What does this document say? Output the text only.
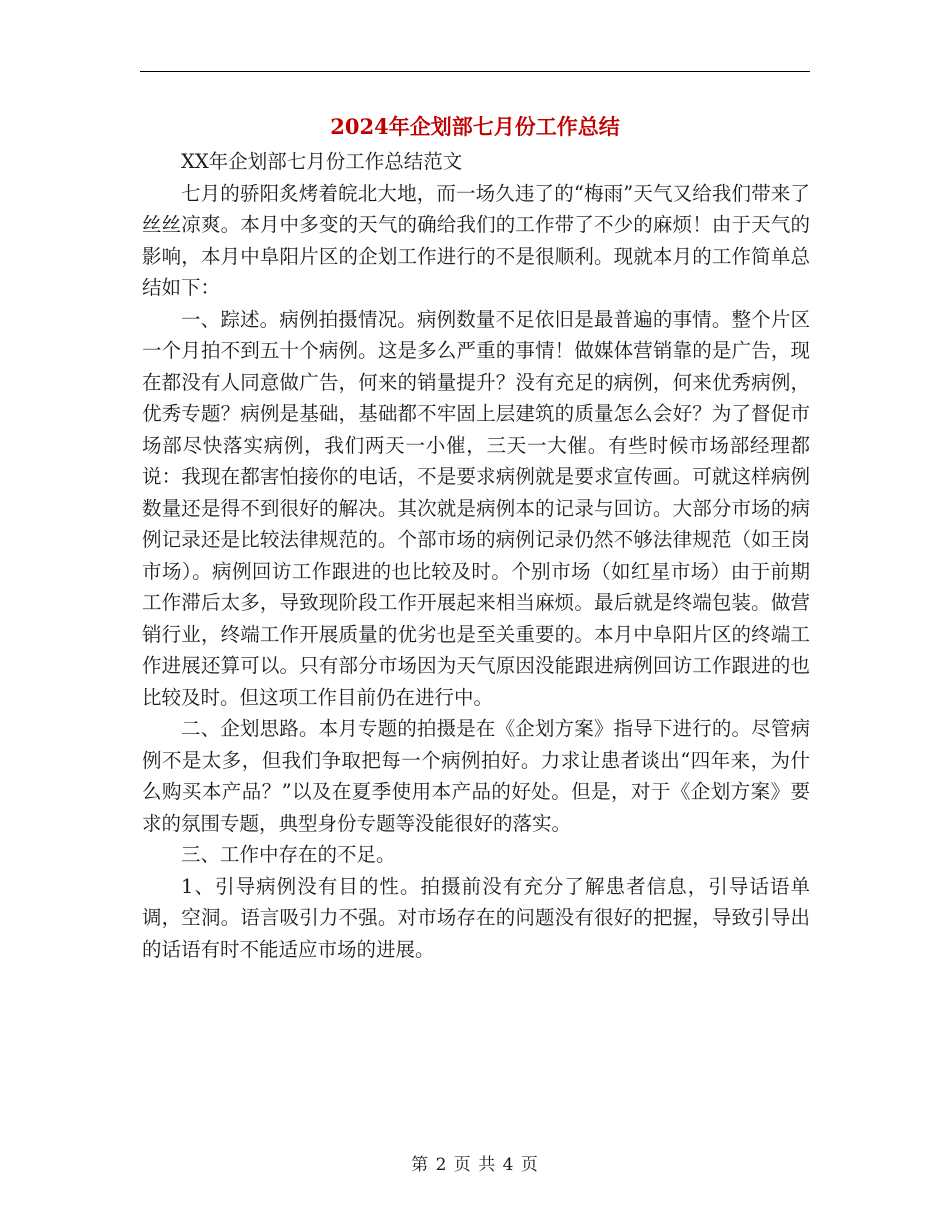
2024年企划部七月份工作总结

XX年企划部七月份工作总结范文

七月的骄阳炙烤着皖北大地，而一场久违了的“梅雨”天气又给我们带来了丝丝凉爽。本月中多变的天气的确给我们的工作带了不少的麻烦！由于天气的影响，本月中阜阳片区的企划工作进行的不是很顺利。现就本月的工作简单总结如下：

一、踪述。病例拍摄情况。病例数量不足依旧是最普遍的事情。整个片区一个月拍不到五十个病例。这是多么严重的事情！做媒体营销靠的是广告，现在都没有人同意做广告，何来的销量提升？没有充足的病例，何来优秀病例，优秀专题？病例是基础，基础都不牢固上层建筑的质量怎么会好？为了督促市场部尽快落实病例，我们两天一小催，三天一大催。有些时候市场部经理都说：我现在都害怕接你的电话，不是要求病例就是要求宣传画。可就这样病例数量还是得不到很好的解决。其次就是病例本的记录与回访。大部分市场的病例记录还是比较法律规范的。个部市场的病例记录仍然不够法律规范（如王岗市场）。病例回访工作跟进的也比较及时。个别市场（如红星市场）由于前期工作滞后太多，导致现阶段工作开展起来相当麻烦。最后就是终端包装。做营销行业，终端工作开展质量的优劣也是至关重要的。本月中阜阳片区的终端工作进展还算可以。只有部分市场因为天气原因没能跟进病例回访工作跟进的也比较及时。但这项工作目前仍在进行中。

二、企划思路。本月专题的拍摄是在《企划方案》指导下进行的。尽管病例不是太多，但我们争取把每一个病例拍好。力求让患者谈出“四年来，为什么购买本产品？”以及在夏季使用本产品的好处。但是，对于《企划方案》要求的氛围专题，典型身份专题等没能很好的落实。

三、工作中存在的不足。

1、引导病例没有目的性。拍摄前没有充分了解患者信息，引导话语单调，空洞。语言吸引力不强。对市场存在的问题没有很好的把握，导致引导出的话语有时不能适应市场的进展。

第 2 页 共 4 页
